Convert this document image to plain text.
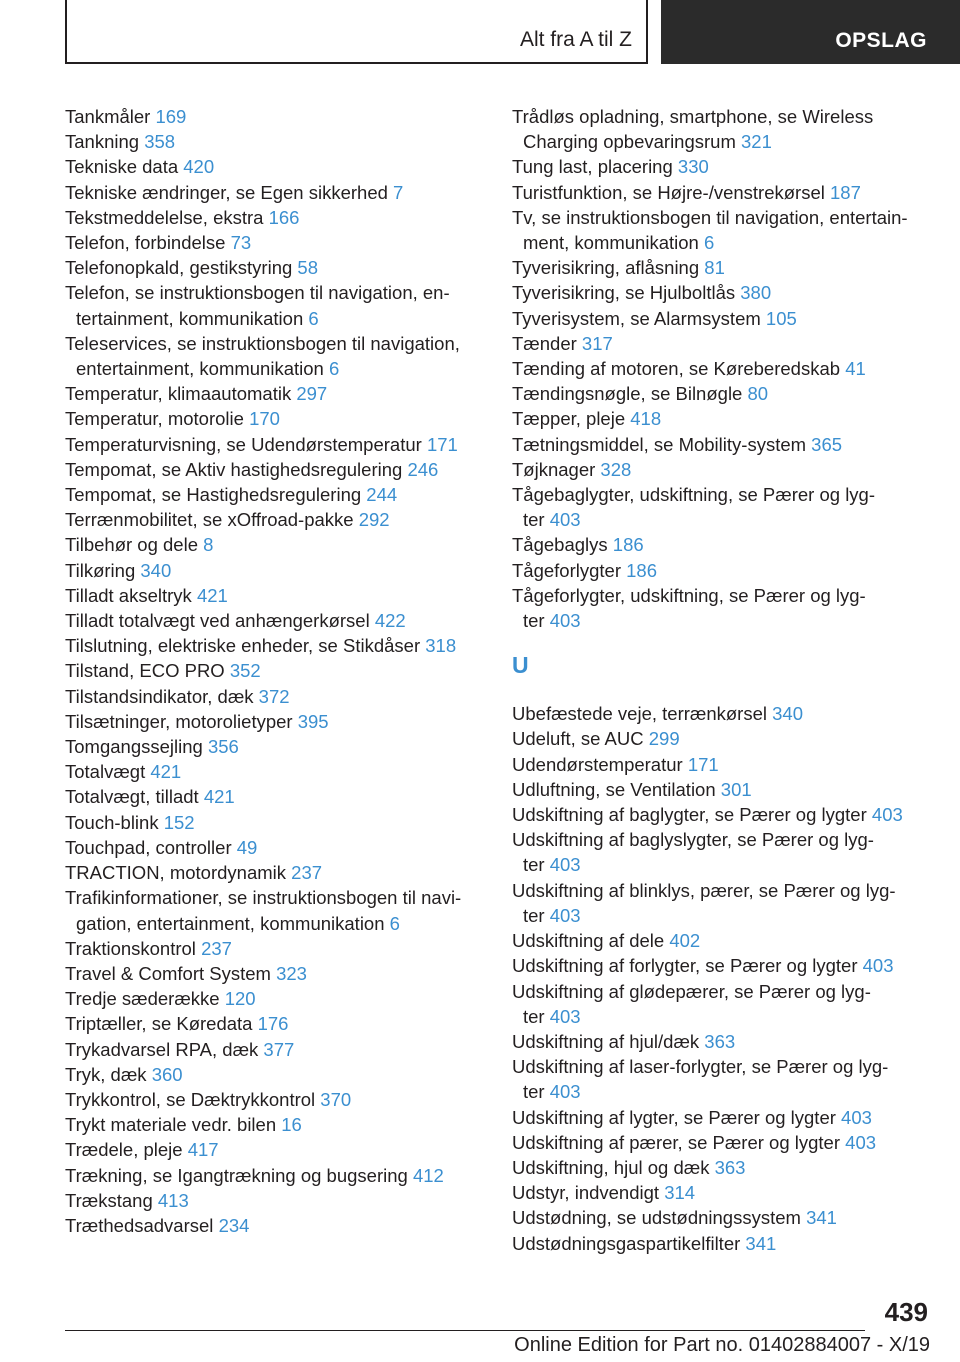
Alt fra A til Z	OPSLAG
Tankmåler 169
Tankning 358
Tekniske data 420
Tekniske ændringer, se Egen sikkerhed 7
Tekstmeddelelse, ekstra 166
Telefon, forbindelse 73
Telefonopkald, gestikstyring 58
Telefon, se instruktionsbogen til navigation, en-
tertainment, kommunikation 6
Teleservices, se instruktionsbogen til navigation,
entertainment, kommunikation 6
Temperatur, klimaautomatik 297
Temperatur, motorolie 170
Temperaturvisning, se Udendørstemperatur 171
Tempomat, se Aktiv hastighedsregulering 246
Tempomat, se Hastighedsregulering 244
Terrænmobilitet, se xOffroad-pakke 292
Tilbehør og dele 8
Tilkøring 340
Tilladt akseltryk 421
Tilladt totalvægt ved anhængerkørsel 422
Tilslutning, elektriske enheder, se Stikdåser 318
Tilstand, ECO PRO 352
Tilstandsindikator, dæk 372
Tilsætninger, motorolietyper 395
Tomgangssejling 356
Totalvægt 421
Totalvægt, tilladt 421
Touch-blink 152
Touchpad, controller 49
TRACTION, motordynamik 237
Trafikinformationer, se instruktionsbogen til navi-
gation, entertainment, kommunikation 6
Traktionskontrol 237
Travel & Comfort System 323
Tredje sæderække 120
Triptæller, se Køredata 176
Trykadvarsel RPA, dæk 377
Tryk, dæk 360
Trykkontrol, se Dæktrykkontrol 370
Trykt materiale vedr. bilen 16
Trædele, pleje 417
Trækning, se Igangtrækning og bugsering 412
Trækstang 413
Træthedsadvarsel 234
Trådløs opladning, smartphone, se Wireless
Charging opbevaringsrum 321
Tung last, placering 330
Turistfunktion, se Højre-/venstrekørsel 187
Tv, se instruktionsbogen til navigation, entertain-
ment, kommunikation 6
Tyverisikring, aflåsning 81
Tyverisikring, se Hjulboltlås 380
Tyverisystem, se Alarmsystem 105
Tænder 317
Tænding af motoren, se Køreberedskab 41
Tændingsnøgle, se Bilnøgle 80
Tæpper, pleje 418
Tætningsmiddel, se Mobility-system 365
Tøjknager 328
Tågebaglygter, udskiftning, se Pærer og lyg-
ter 403
Tågebaglys 186
Tågeforlygter 186
Tågeforlygter, udskiftning, se Pærer og lyg-
ter 403
U
Ubefæstede veje, terrænkørsel 340
Udeluft, se AUC 299
Udendørstemperatur 171
Udluftning, se Ventilation 301
Udskiftning af baglygter, se Pærer og lygter 403
Udskiftning af baglyslygter, se Pærer og lyg-
ter 403
Udskiftning af blinklys, pærer, se Pærer og lyg-
ter 403
Udskiftning af dele 402
Udskiftning af forlygter, se Pærer og lygter 403
Udskiftning af glødepærer, se Pærer og lyg-
ter 403
Udskiftning af hjul/dæk 363
Udskiftning af laser-forlygter, se Pærer og lyg-
ter 403
Udskiftning af lygter, se Pærer og lygter 403
Udskiftning af pærer, se Pærer og lygter 403
Udskiftning, hjul og dæk 363
Udstyr, indvendigt 314
Udstødning, se udstødningssystem 341
Udstødningsgaspartikelfilter 341
439
Online Edition for Part no. 01402884007 - X/19
